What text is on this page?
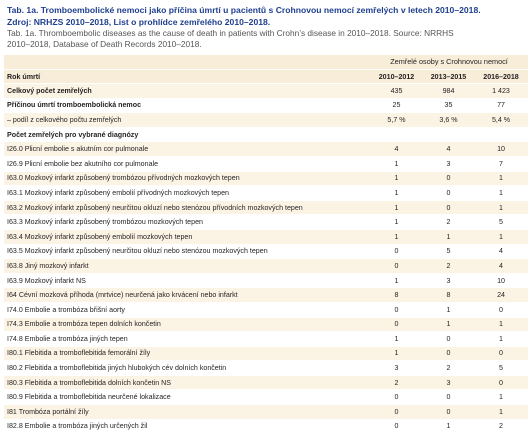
Tab. 1a. Tromboembolické nemoci jako příčina úmrtí u pacientů s Crohnovou nemocí zemřelých v letech 2010–2018.

Zdroj: NRHZS 2010–2018, List o prohlídce zemřelého 2010–2018.

Tab. 1a. Thromboembolic diseases as the cause of death in patients with Crohn’s disease in 2010–2018. Source: NRRHS

2010–2018, Database of Death Records 2010–2018.

	Zemřelé osoby s Crohnovou nemocí		
Rok úmrtí	2010–2012	2013–2015	2016–2018
Celkový počet zemřelých	435	984	1 423
Příčinou úmrtí tromboembolická nemoc	25	35	77
– podíl z celkového počtu zemřelých	5,7 %	3,6 %	5,4 %
Počet zemřelých pro vybrané diagnózy			
I26.0 Plicní embolie s akutním cor pulmonale	4	4	10
I26.9 Plicní embolie bez akutního cor pulmonale	1	3	7
I63.0 Mozkový infarkt způsobený trombózou přívodných mozkových tepen	1	0	1
I63.1 Mozkový infarkt způsobený embolií přívodných mozkových tepen	1	0	1
I63.2 Mozkový infarkt způsobený neurčitou okluzí nebo stenózou přívodních mozkových tepen	1	0	1
I63.3 Mozkový infarkt způsobený trombózou mozkových tepen	1	2	5
I63.4 Mozkový infarkt způsobený embolií mozkových tepen	1	1	1
I63.5 Mozkový infarkt způsobený neurčitou okluzí nebo stenózou mozkových tepen	0	5	4
I63.8 Jiný mozkový infarkt	0	2	4
I63.9 Mozkový infarkt NS	1	3	10
I64 Cévní mozková příhoda (mrtvice) neurčená jako krvácení nebo infarkt	8	8	24
I74.0 Embolie a trombóza břišní aorty	0	1	0
I74.3 Embolie a trombóza tepen dolních končetin	0	1	1
I74.8 Embolie a trombóza jiných tepen	1	0	1
I80.1 Flebitida a tromboflebitida femorální žíly	1	0	0
I80.2 Flebitida a tromboflebitida jiných hlubokých cév dolních končetin	3	2	5
I80.3 Flebitida a tromboflebitida dolních končetin NS	2	3	0
I80.9 Flebitida a tromboflebitida neurčené lokalizace	0	0	1
I81 Trombóza portální žíly	0	0	1
I82.8 Embolie a trombóza jiných určených žil	0	1	2
